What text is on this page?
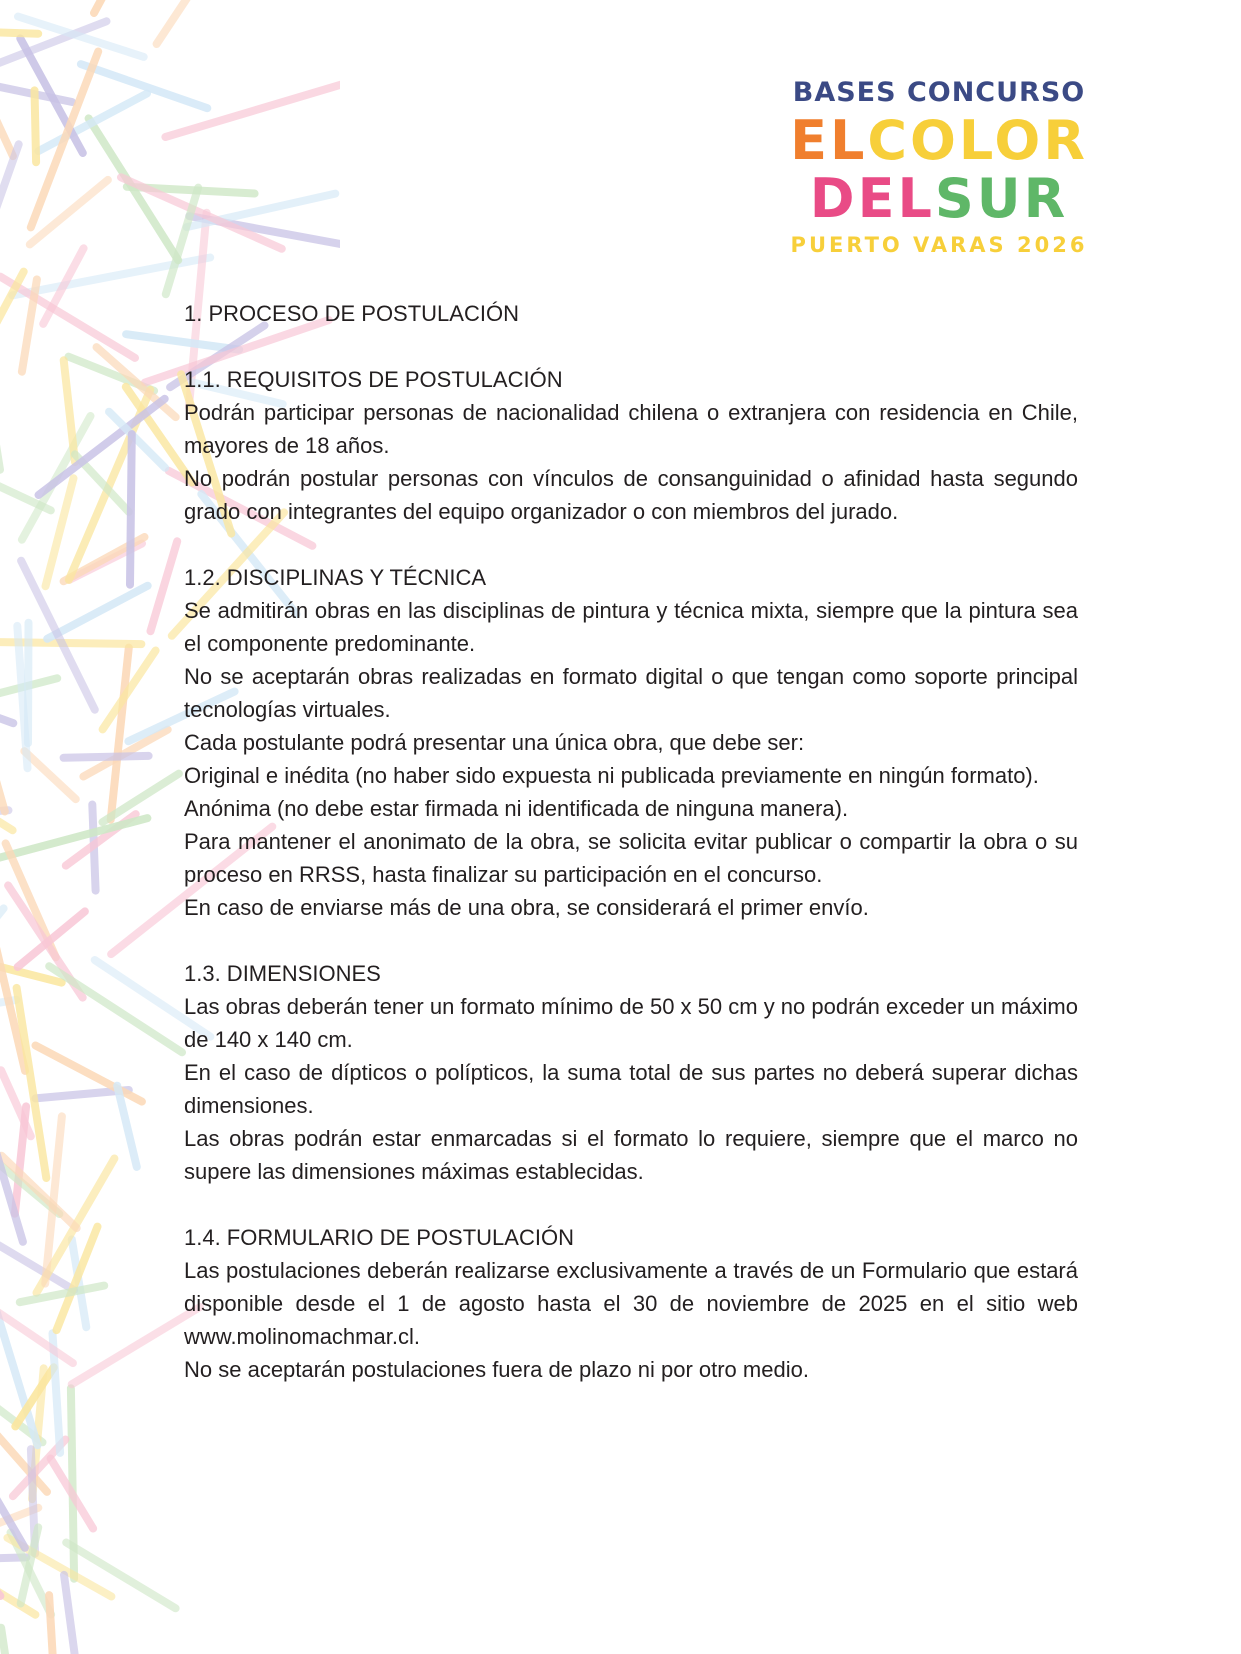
BASES CONCURSO
ELCOLOR
DELSUR
PUERTO VARAS 2026
1. PROCESO DE POSTULACIÓN
1.1. REQUISITOS DE POSTULACIÓN

Podrán participar personas de nacionalidad chilena o extranjera con residencia en Chile, mayores de 18 años.

No podrán postular personas con vínculos de consanguinidad o afinidad hasta segundo grado con integrantes del equipo organizador o con miembros del jurado.

1.2. DISCIPLINAS Y TÉCNICA

Se admitirán obras en las disciplinas de pintura y técnica mixta, siempre que la pintura sea el componente predominante.

No se aceptarán obras realizadas en formato digital o que tengan como soporte principal tecnologías virtuales.

Cada postulante podrá presentar una única obra, que debe ser:

Original e inédita (no haber sido expuesta ni publicada previamente en ningún formato).

Anónima (no debe estar firmada ni identificada de ninguna manera).

Para mantener el anonimato de la obra, se solicita evitar publicar o compartir la obra o su proceso en RRSS, hasta finalizar su participación en el concurso.

En caso de enviarse más de una obra, se considerará el primer envío.

1.3. DIMENSIONES

Las obras deberán tener un formato mínimo de 50 x 50 cm y no podrán exceder un máximo de 140 x 140 cm.

En el caso de dípticos o polípticos, la suma total de sus partes no deberá superar dichas dimensiones.

Las obras podrán estar enmarcadas si el formato lo requiere, siempre que el marco no supere las dimensiones máximas establecidas.

1.4. FORMULARIO DE POSTULACIÓN

Las postulaciones deberán realizarse exclusivamente a través de un Formulario que estará disponible desde el 1 de agosto hasta el 30 de noviembre de 2025 en el sitio web www.molinomachmar.cl.

No se aceptarán postulaciones fuera de plazo ni por otro medio.
